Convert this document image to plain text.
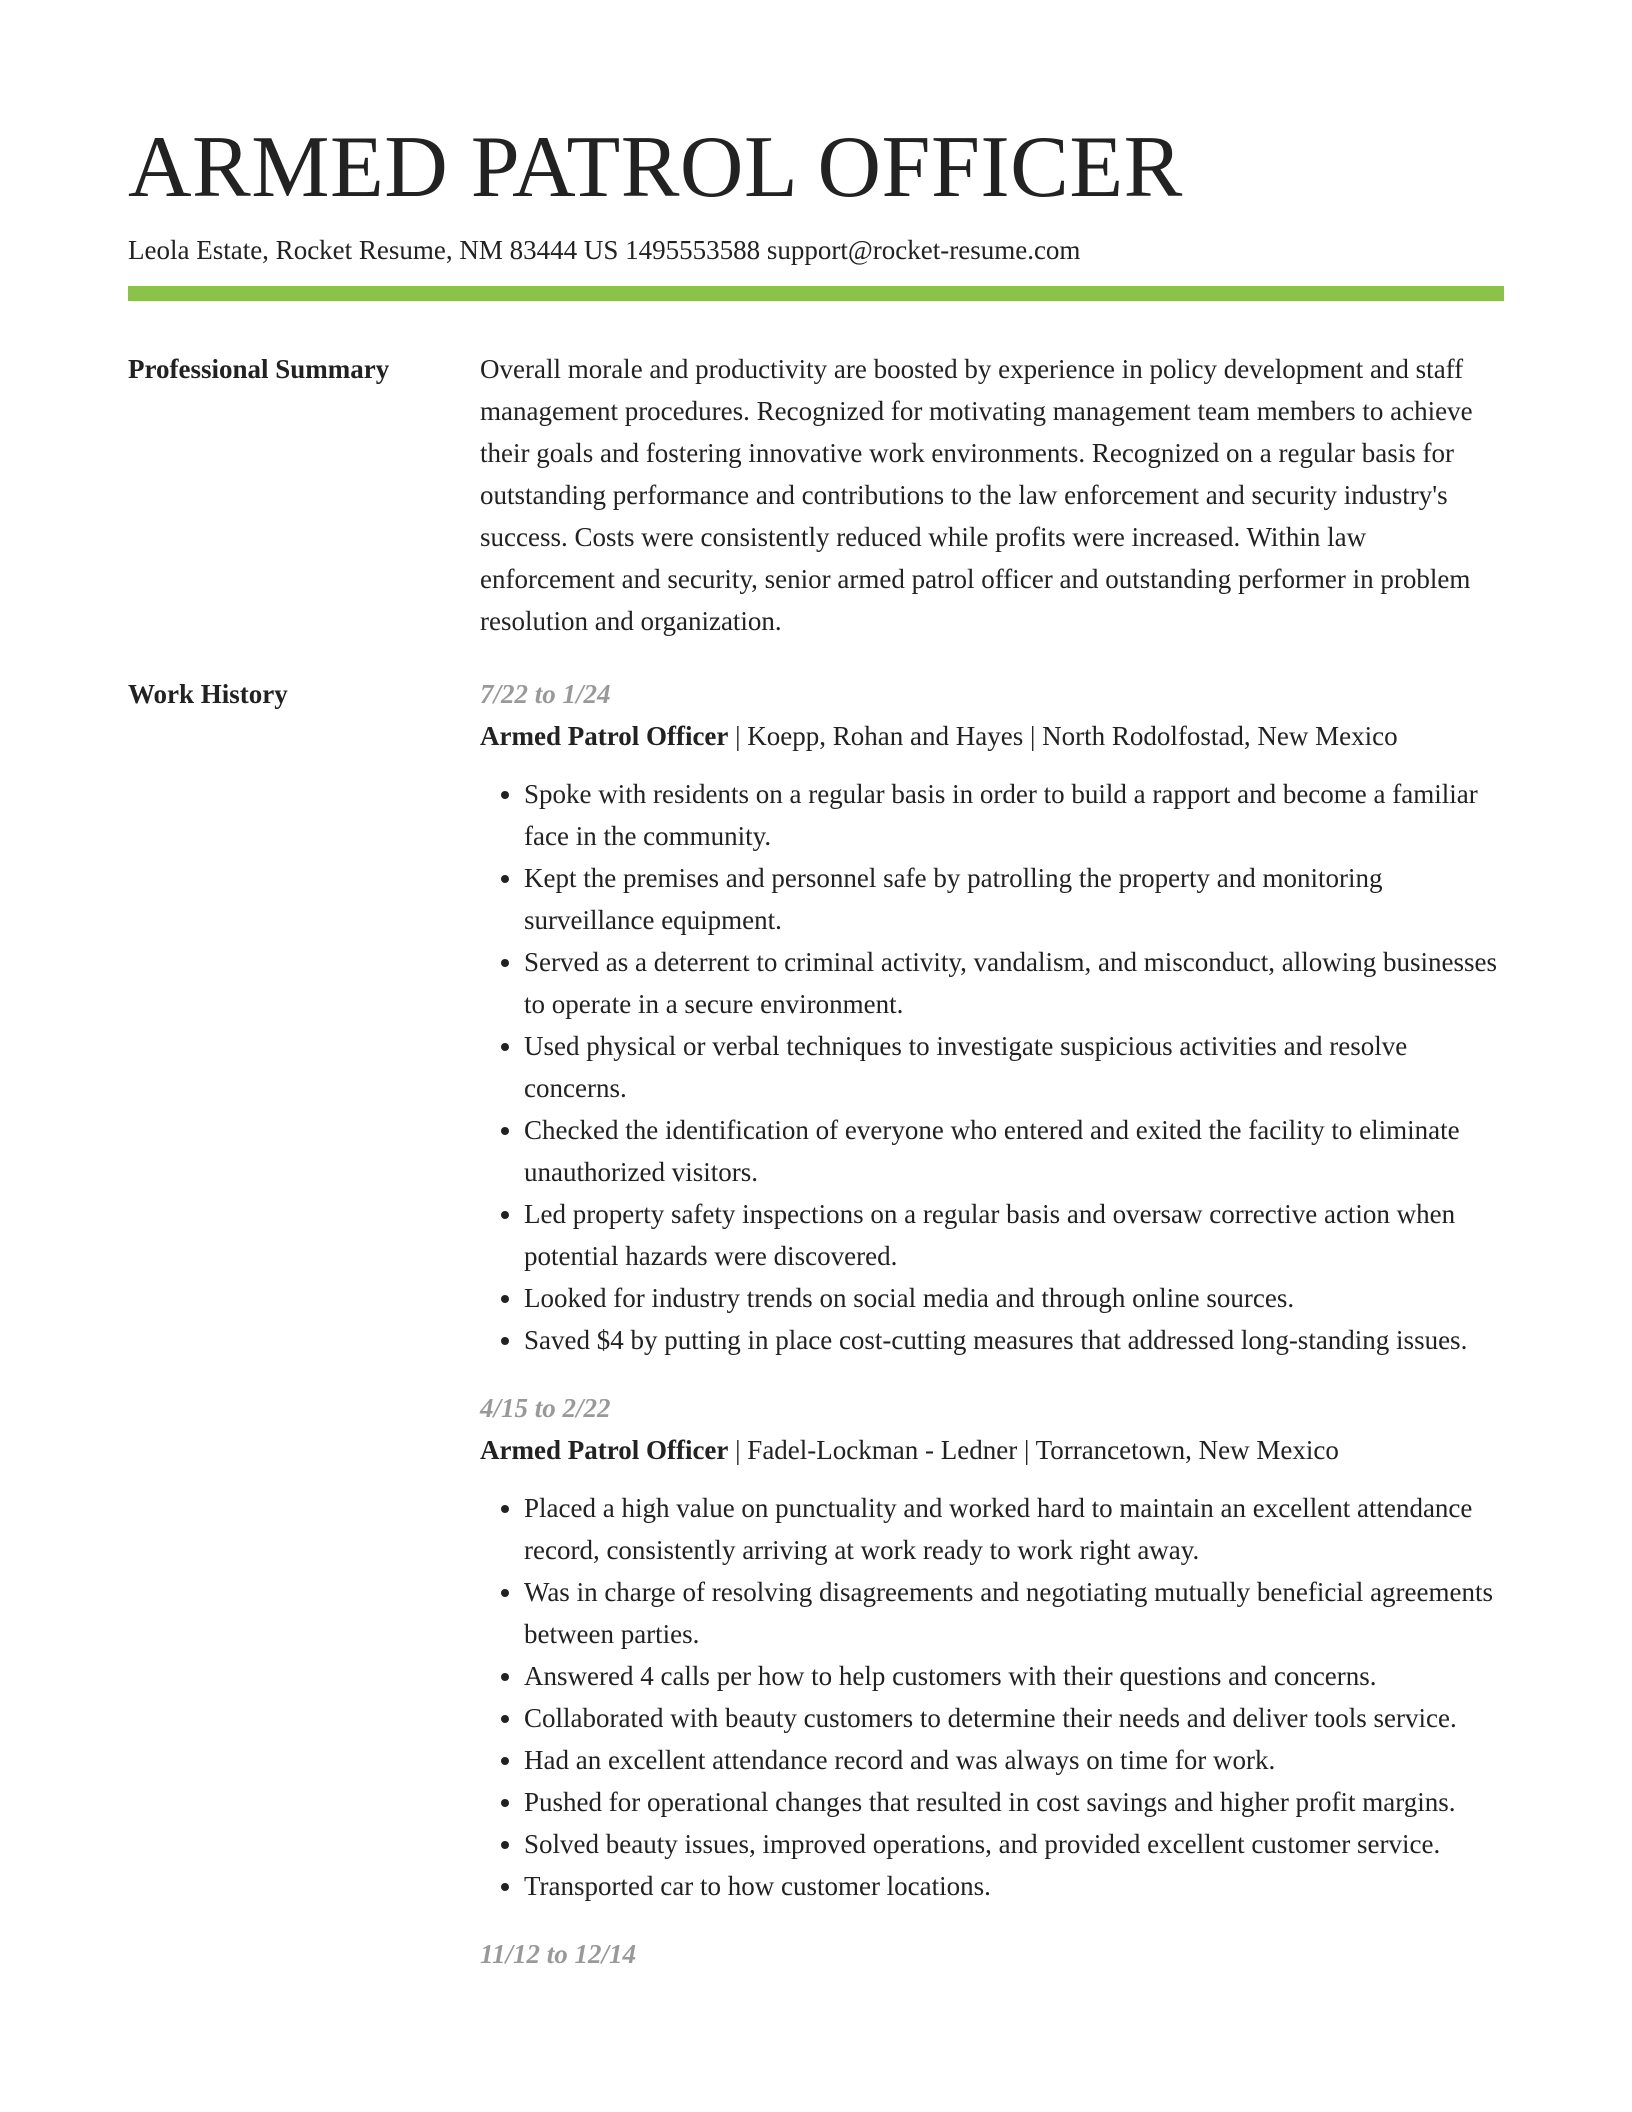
ARMED PATROL OFFICER
Leola Estate, Rocket Resume, NM 83444 US 1495553588 support@rocket-resume.com
Professional Summary	Overall morale and productivity are boosted by experience in policy development and staff management procedures. Recognized for motivating management team members to achieve their goals and fostering innovative work environments. Recognized on a regular basis for outstanding performance and contributions to the law enforcement and security industry's success. Costs were consistently reduced while profits were increased. Within law enforcement and security, senior armed patrol officer and outstanding performer in problem resolution and organization.

Work History	7/22 to 1/24
Armed Patrol Officer | Koepp, Rohan and Hayes | North Rodolfostad, New Mexico
• Spoke with residents on a regular basis in order to build a rapport and become a familiar face in the community.
• Kept the premises and personnel safe by patrolling the property and monitoring surveillance equipment.
• Served as a deterrent to criminal activity, vandalism, and misconduct, allowing businesses to operate in a secure environment.
• Used physical or verbal techniques to investigate suspicious activities and resolve concerns.
• Checked the identification of everyone who entered and exited the facility to eliminate unauthorized visitors.
• Led property safety inspections on a regular basis and oversaw corrective action when potential hazards were discovered.
• Looked for industry trends on social media and through online sources.
• Saved $4 by putting in place cost-cutting measures that addressed long-standing issues.
4/15 to 2/22
Armed Patrol Officer | Fadel-Lockman - Ledner | Torrancetown, New Mexico
• Placed a high value on punctuality and worked hard to maintain an excellent attendance record, consistently arriving at work ready to work right away.
• Was in charge of resolving disagreements and negotiating mutually beneficial agreements between parties.
• Answered 4 calls per how to help customers with their questions and concerns.
• Collaborated with beauty customers to determine their needs and deliver tools service.
• Had an excellent attendance record and was always on time for work.
• Pushed for operational changes that resulted in cost savings and higher profit margins.
• Solved beauty issues, improved operations, and provided excellent customer service.
• Transported car to how customer locations.
11/12 to 12/14
